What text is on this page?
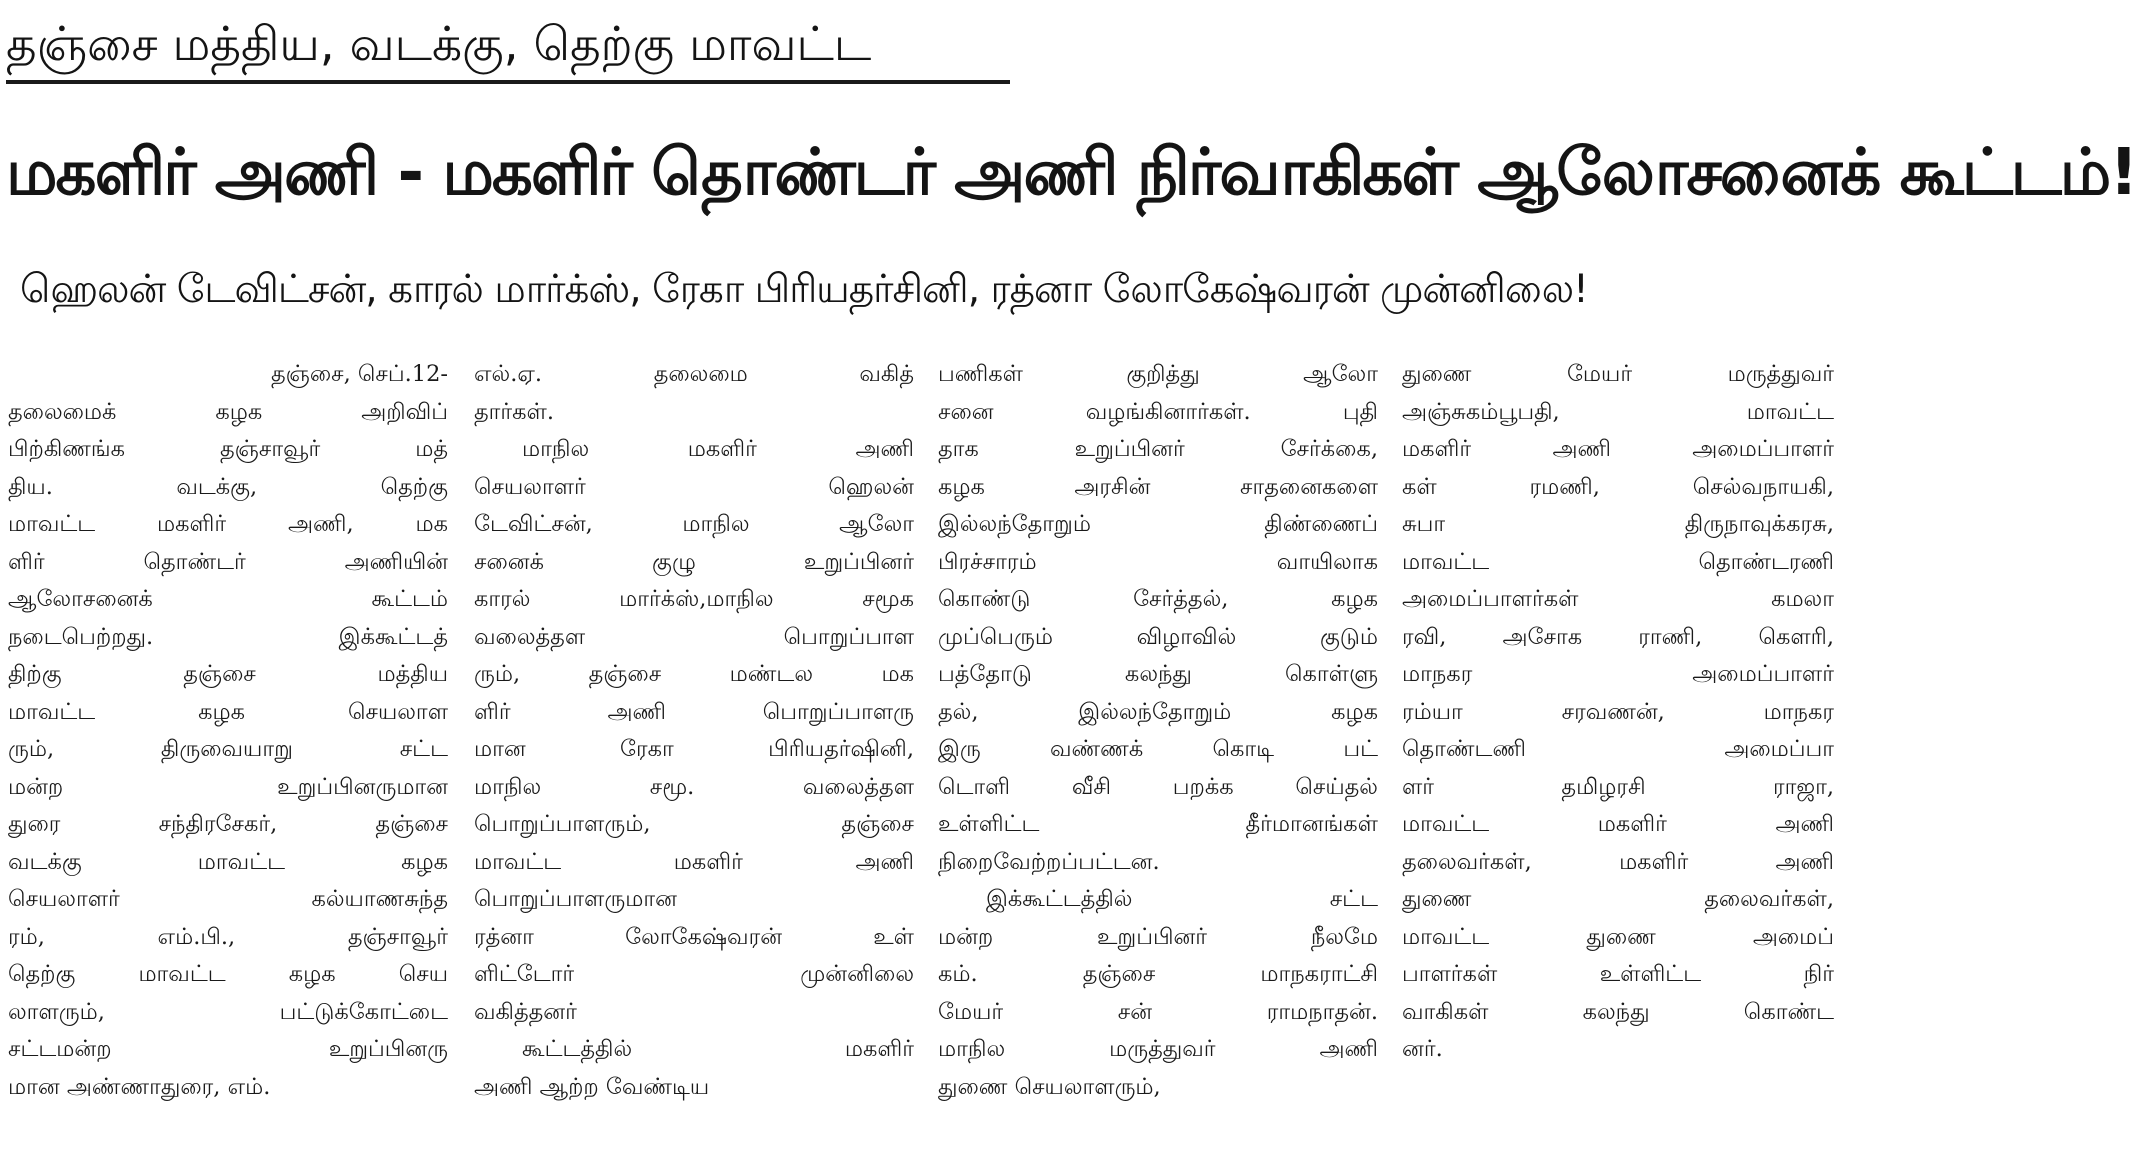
தஞ்சை மத்திய, வடக்கு, தெற்கு மாவட்ட
மகளிர் அணி - மகளிர் தொண்டர் அணி நிர்வாகிகள் ஆலோசனைக் கூட்டம்!
ஹெலன் டேவிட்சன், காரல் மார்க்ஸ், ரேகா பிரியதர்சினி, ரத்னா லோகேஷ்வரன் முன்னிலை!
தஞ்சை, செப்.12-
தலைமைக் கழக அறிவிப்
பிற்கிணங்க தஞ்சாவூர் மத்
திய. வடக்கு, தெற்கு
மாவட்ட மகளிர் அணி, மக
ளிர் தொண்டர் அணியின்
ஆலோசனைக் கூட்டம்
நடைபெற்றது. இக்கூட்டத்
திற்கு தஞ்சை மத்திய
மாவட்ட கழக செயலாள
ரும், திருவையாறு சட்ட
மன்ற உறுப்பினருமான
துரை சந்திரசேகர், தஞ்சை
வடக்கு மாவட்ட கழக
செயலாளர் கல்யாணசுந்த
ரம், எம்.பி., தஞ்சாவூர்
தெற்கு மாவட்ட கழக செய
லாளரும், பட்டுக்கோட்டை
சட்டமன்ற உறுப்பினரு
மான அண்ணாதுரை, எம்.
எல்.ஏ. தலைமை வகித்
தார்கள்.
மாநில மகளிர் அணி
செயலாளர் ஹெலன்
டேவிட்சன், மாநில ஆலோ
சனைக் குழு உறுப்பினர்
காரல் மார்க்ஸ்,மாநில சமூக
வலைத்தள பொறுப்பாள
ரும், தஞ்சை மண்டல மக
ளிர் அணி பொறுப்பாளரு
மான ரேகா பிரியதர்ஷினி,
மாநில சமூ. வலைத்தள
பொறுப்பாளரும், தஞ்சை
மாவட்ட மகளிர் அணி
பொறுப்பாளருமான
ரத்னா லோகேஷ்வரன் உள்
ளிட்டோர் முன்னிலை
வகித்தனர்
கூட்டத்தில் மகளிர்
அணி ஆற்ற வேண்டிய
பணிகள் குறித்து ஆலோ
சனை வழங்கினார்கள். புதி
தாக உறுப்பினர் சேர்க்கை,
கழக அரசின் சாதனைகளை
இல்லந்தோறும் திண்ணைப்
பிரச்சாரம் வாயிலாக
கொண்டு சேர்த்தல், கழக
முப்பெரும் விழாவில் குடும்
பத்தோடு கலந்து கொள்ளு
தல், இல்லந்தோறும் கழக
இரு வண்ணக் கொடி பட்
டொளி வீசி பறக்க செய்தல்
உள்ளிட்ட தீர்மானங்கள்
நிறைவேற்றப்பட்டன.
இக்கூட்டத்தில் சட்ட
மன்ற உறுப்பினர் நீலமே
கம். தஞ்சை மாநகராட்சி
மேயர் சன் ராமநாதன்.
மாநில மருத்துவர் அணி
துணை செயலாளரும்,
துணை மேயர் மருத்துவர்
அஞ்சுகம்பூபதி, மாவட்ட
மகளிர் அணி அமைப்பாளர்
கள் ரமணி, செல்வநாயகி,
சுபா திருநாவுக்கரசு,
மாவட்ட தொண்டரணி
அமைப்பாளர்கள் கமலா
ரவி, அசோக ராணி, கௌரி,
மாநகர அமைப்பாளர்
ரம்யா சரவணன், மாநகர
தொண்டணி அமைப்பா
ளர் தமிழரசி ராஜா,
மாவட்ட மகளிர் அணி
தலைவர்கள், மகளிர் அணி
துணை தலைவர்கள்,
மாவட்ட துணை அமைப்
பாளர்கள் உள்ளிட்ட நிர்
வாகிகள் கலந்து கொண்ட
னர்.
